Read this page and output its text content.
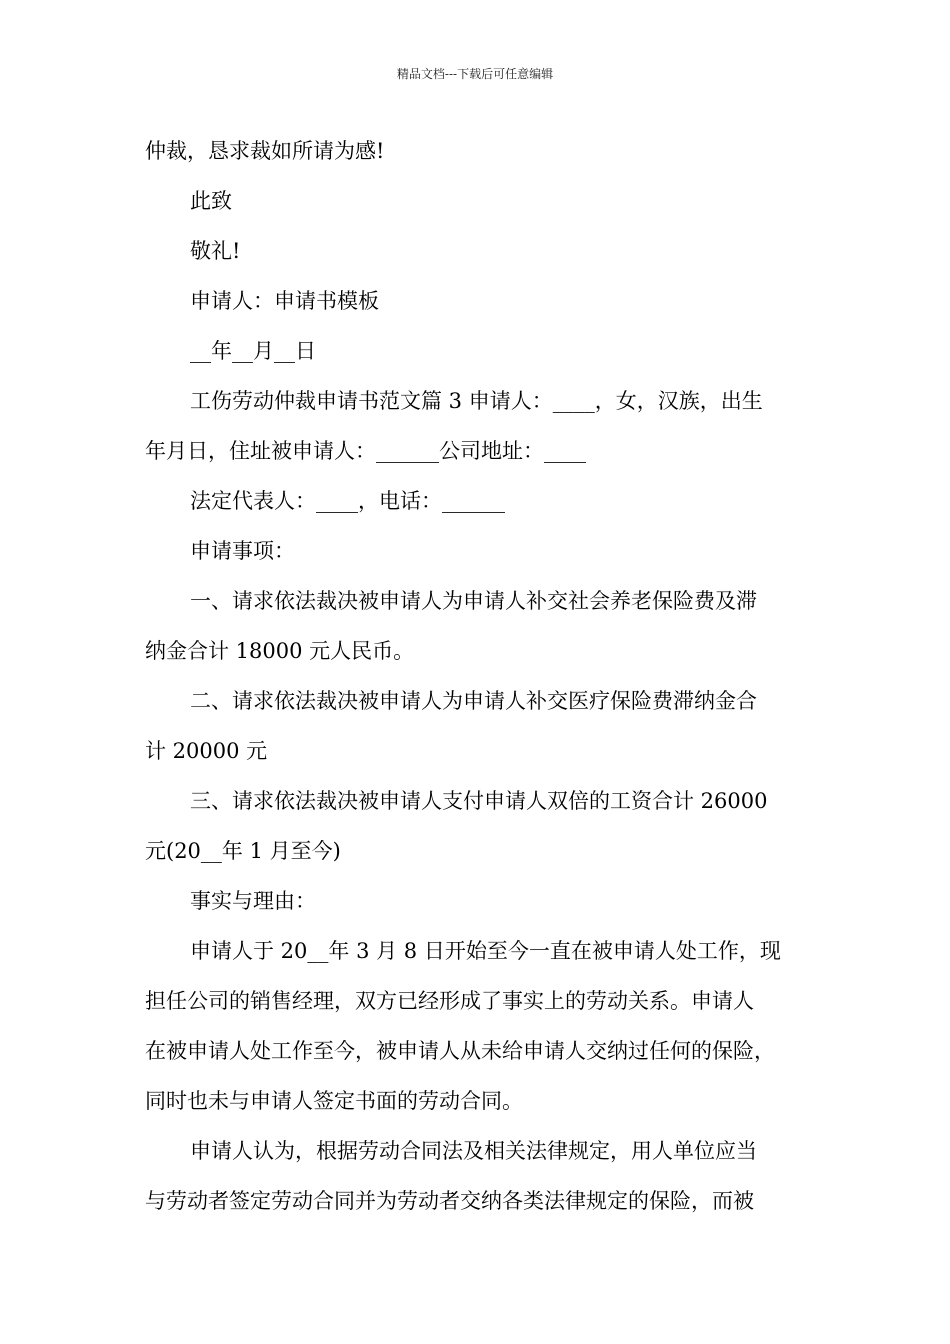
精品文档---下载后可任意编辑
仲裁，恳求裁如所请为感!
此致
敬礼!
申请人：申请书模板
__年__月__日
工伤劳动仲裁申请书范文篇 3 申请人：____，女，汉族，出生
年月日，住址被申请人：______公司地址：____
法定代表人：____，电话：______
申请事项：
一、请求依法裁决被申请人为申请人补交社会养老保险费及滞
纳金合计 18000 元人民币。
二、请求依法裁决被申请人为申请人补交医疗保险费滞纳金合
计 20000 元
三、请求依法裁决被申请人支付申请人双倍的工资合计 26000
元(20__年 1 月至今)
事实与理由：
申请人于 20__年 3 月 8 日开始至今一直在被申请人处工作，现
担任公司的销售经理，双方已经形成了事实上的劳动关系。申请人
在被申请人处工作至今，被申请人从未给申请人交纳过任何的保险，
同时也未与申请人签定书面的劳动合同。
申请人认为，根据劳动合同法及相关法律规定，用人单位应当
与劳动者签定劳动合同并为劳动者交纳各类法律规定的保险，而被
